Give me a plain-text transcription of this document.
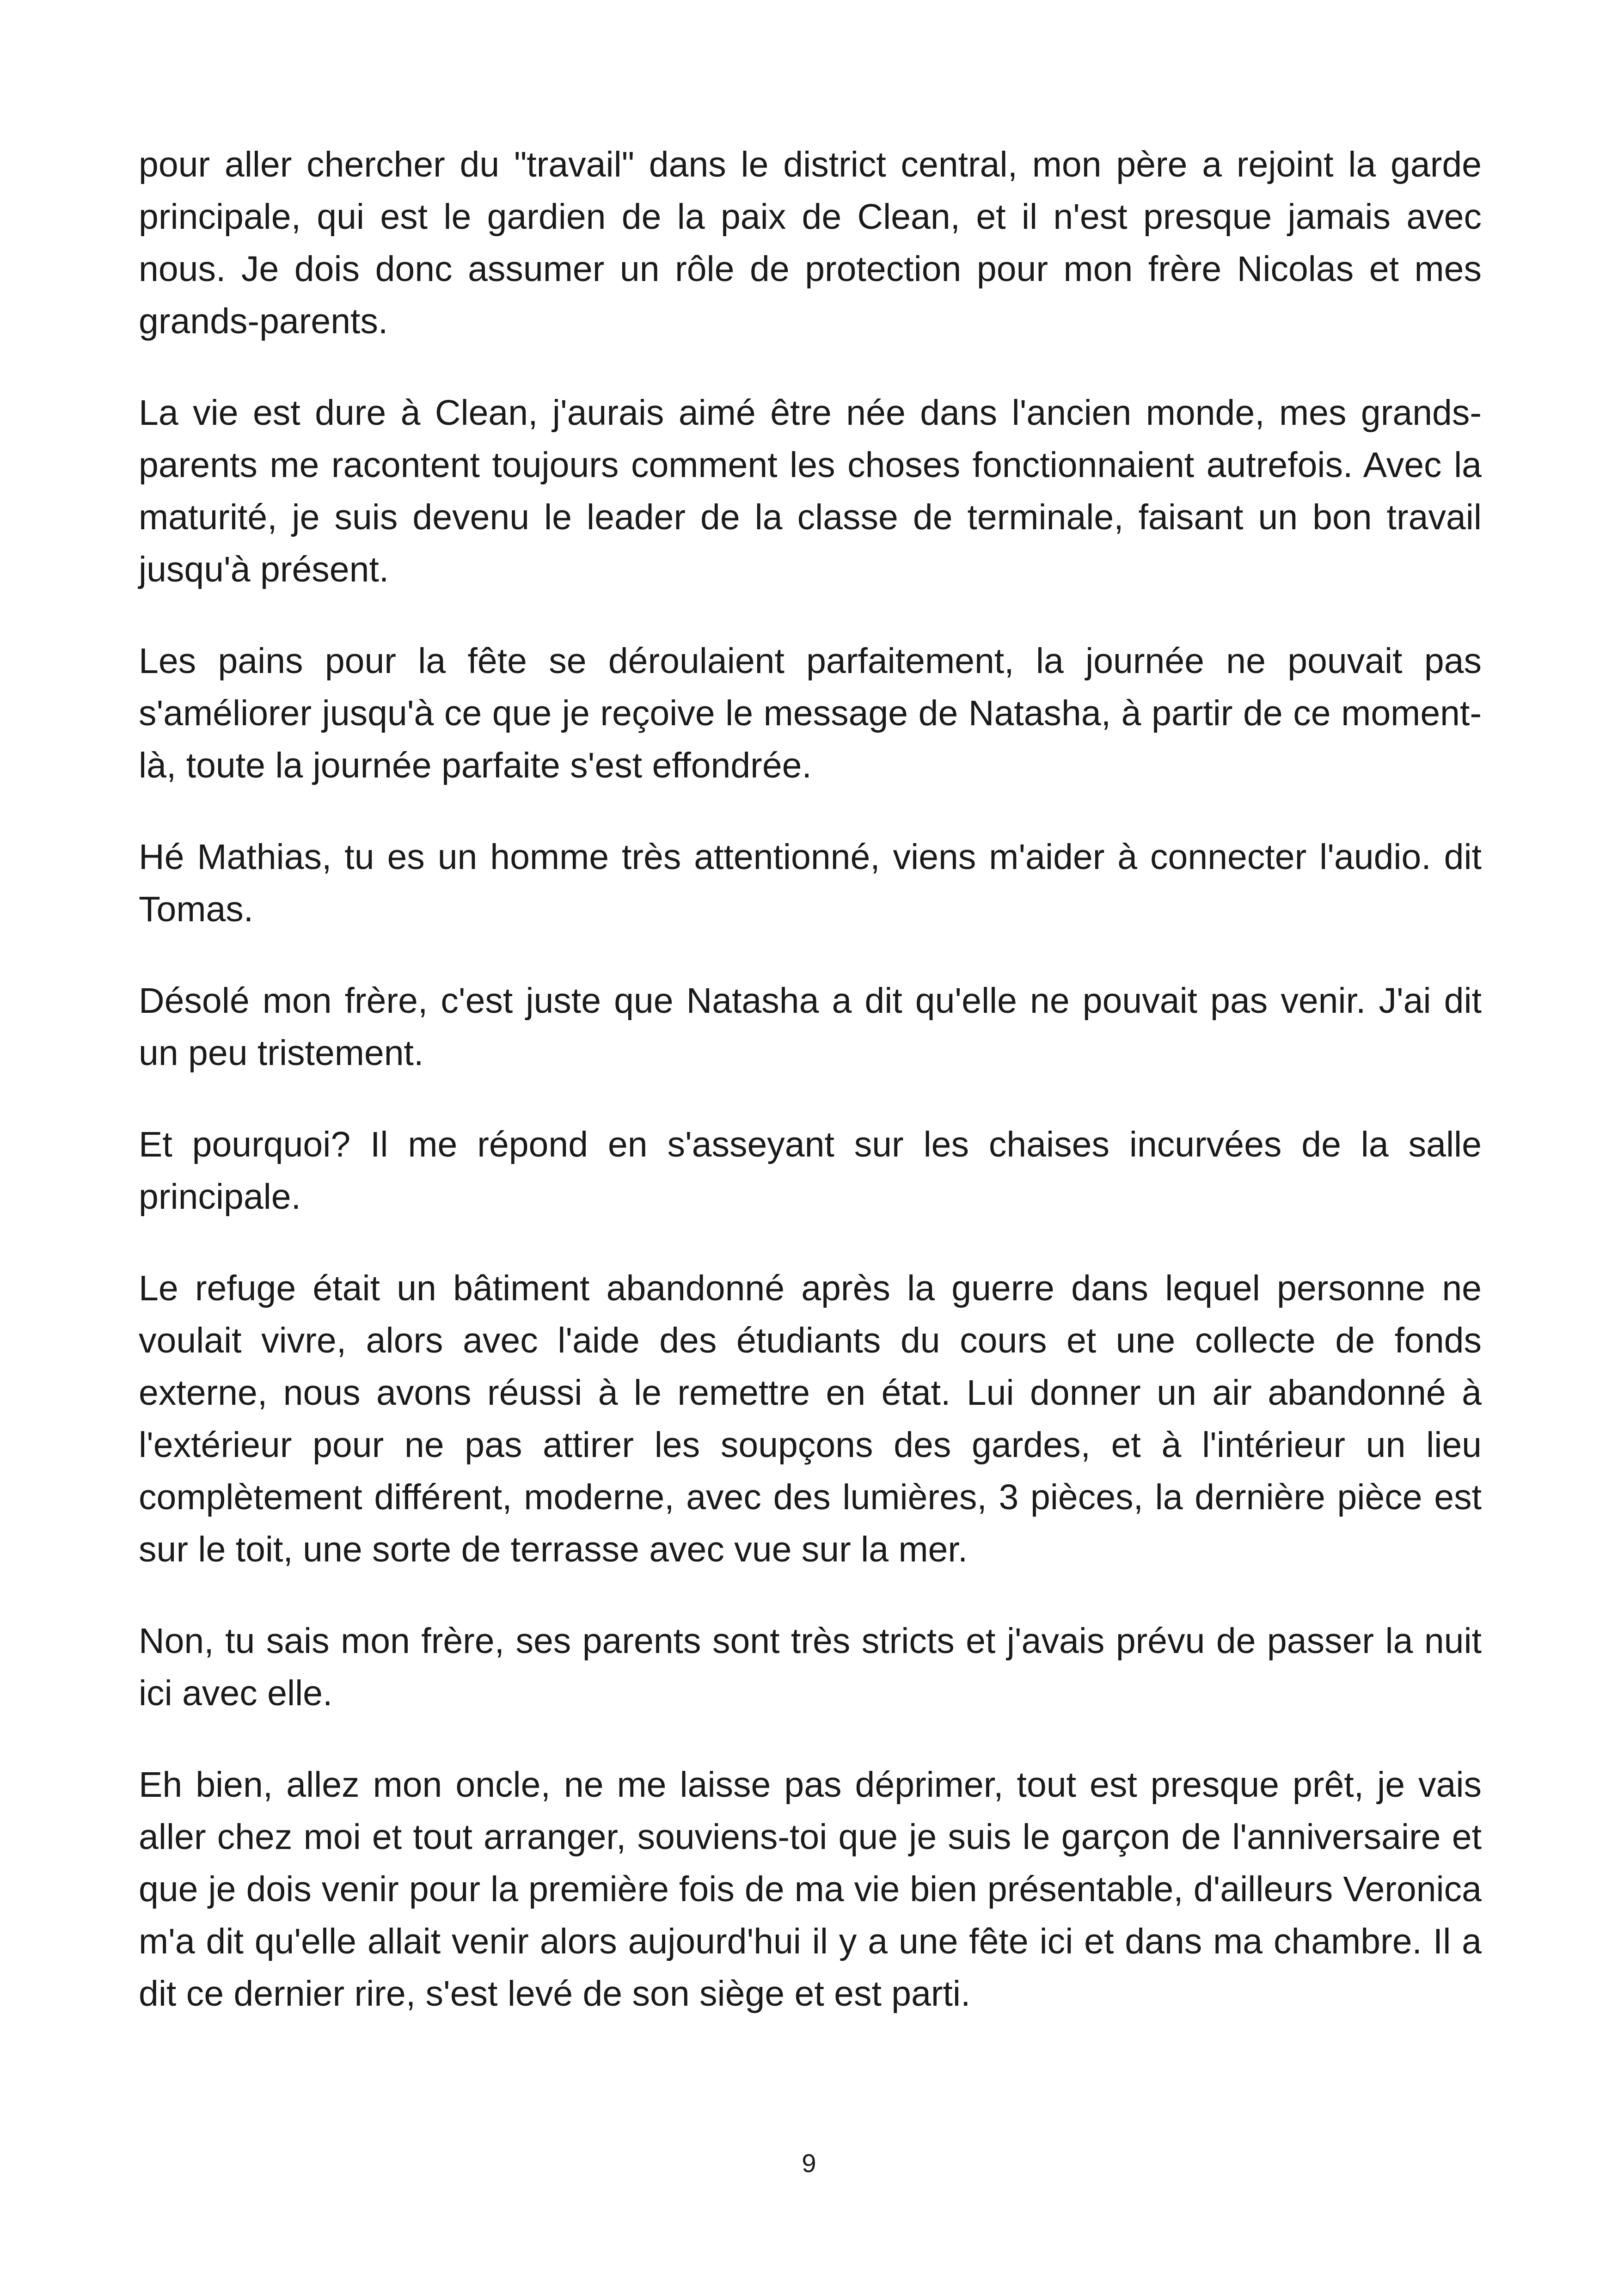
pour aller chercher du "travail" dans le district central, mon père a rejoint la garde principale, qui est le gardien de la paix de Clean, et il n'est presque jamais avec nous. Je dois donc assumer un rôle de protection pour mon frère Nicolas et mes grands-parents.

La vie est dure à Clean, j'aurais aimé être née dans l'ancien monde, mes grands-parents me racontent toujours comment les choses fonctionnaient autrefois. Avec la maturité, je suis devenu le leader de la classe de terminale, faisant un bon travail jusqu'à présent.

Les pains pour la fête se déroulaient parfaitement, la journée ne pouvait pas s'améliorer jusqu'à ce que je reçoive le message de Natasha, à partir de ce moment-là, toute la journée parfaite s'est effondrée.

Hé Mathias, tu es un homme très attentionné, viens m'aider à connecter l'audio. dit Tomas.

Désolé mon frère, c'est juste que Natasha a dit qu'elle ne pouvait pas venir. J'ai dit un peu tristement.

Et pourquoi? Il me répond en s'asseyant sur les chaises incurvées de la salle principale.

Le refuge était un bâtiment abandonné après la guerre dans lequel personne ne voulait vivre, alors avec l'aide des étudiants du cours et une collecte de fonds externe, nous avons réussi à le remettre en état. Lui donner un air abandonné à l'extérieur pour ne pas attirer les soupçons des gardes, et à l'intérieur un lieu complètement différent, moderne, avec des lumières, 3 pièces, la dernière pièce est sur le toit, une sorte de terrasse avec vue sur la mer.

Non, tu sais mon frère, ses parents sont très stricts et j'avais prévu de passer la nuit ici avec elle.

Eh bien, allez mon oncle, ne me laisse pas déprimer, tout est presque prêt, je vais aller chez moi et tout arranger, souviens-toi que je suis le garçon de l'anniversaire et que je dois venir pour la première fois de ma vie bien présentable, d'ailleurs Veronica m'a dit qu'elle allait venir alors aujourd'hui il y a une fête ici et dans ma chambre. Il a dit ce dernier rire, s'est levé de son siège et est parti.

9
